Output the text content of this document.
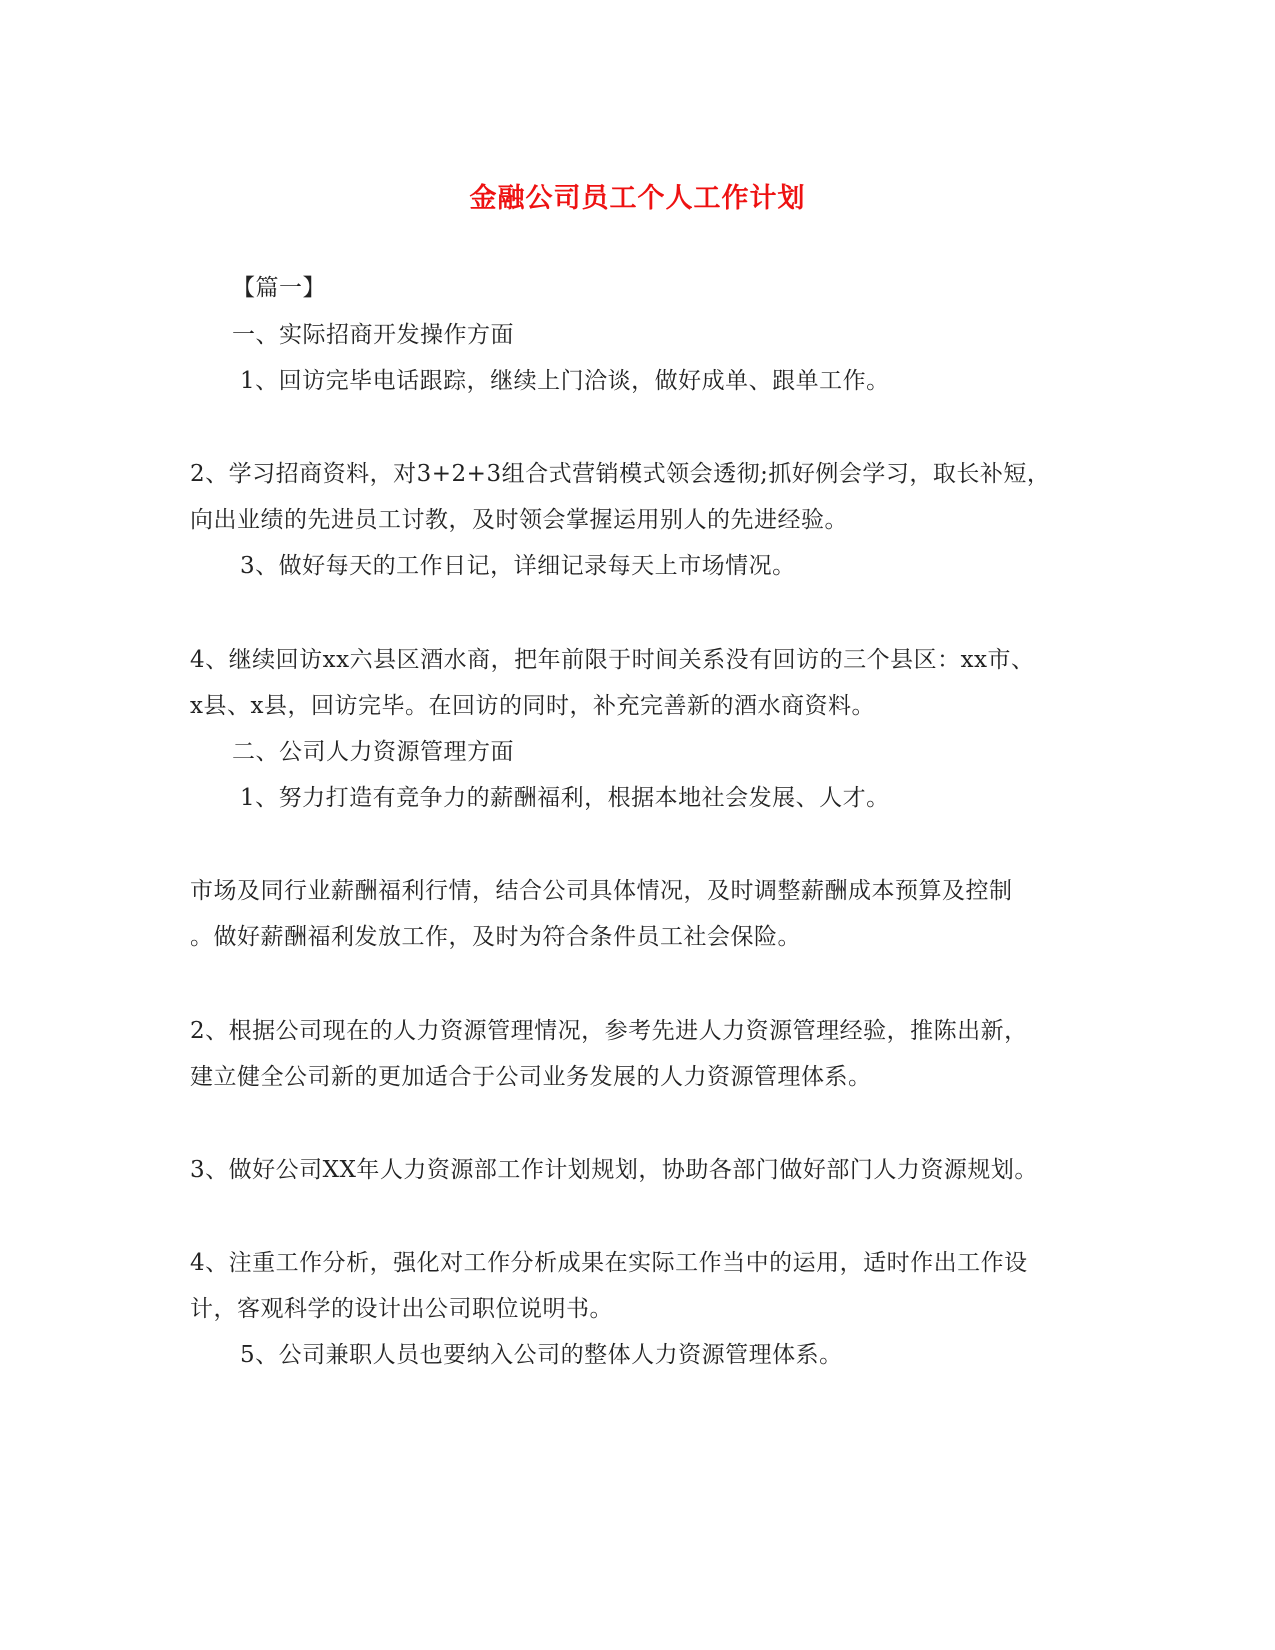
金融公司员工个人工作计划
【篇一】
一、实际招商开发操作方面
1、回访完毕电话跟踪，继续上门洽谈，做好成单、跟单工作。
2、学习招商资料，对3+2+3组合式营销模式领会透彻;抓好例会学习，取长补短，
向出业绩的先进员工讨教，及时领会掌握运用别人的先进经验。
3、做好每天的工作日记，详细记录每天上市场情况。
4、继续回访xx六县区酒水商，把年前限于时间关系没有回访的三个县区：xx市、
x县、x县，回访完毕。在回访的同时，补充完善新的酒水商资料。
二、公司人力资源管理方面
1、努力打造有竞争力的薪酬福利，根据本地社会发展、人才。
市场及同行业薪酬福利行情，结合公司具体情况，及时调整薪酬成本预算及控制
。做好薪酬福利发放工作，及时为符合条件员工社会保险。
2、根据公司现在的人力资源管理情况，参考先进人力资源管理经验，推陈出新，
建立健全公司新的更加适合于公司业务发展的人力资源管理体系。
3、做好公司XX年人力资源部工作计划规划，协助各部门做好部门人力资源规划。
4、注重工作分析，强化对工作分析成果在实际工作当中的运用，适时作出工作设
计，客观科学的设计出公司职位说明书。
5、公司兼职人员也要纳入公司的整体人力资源管理体系。
